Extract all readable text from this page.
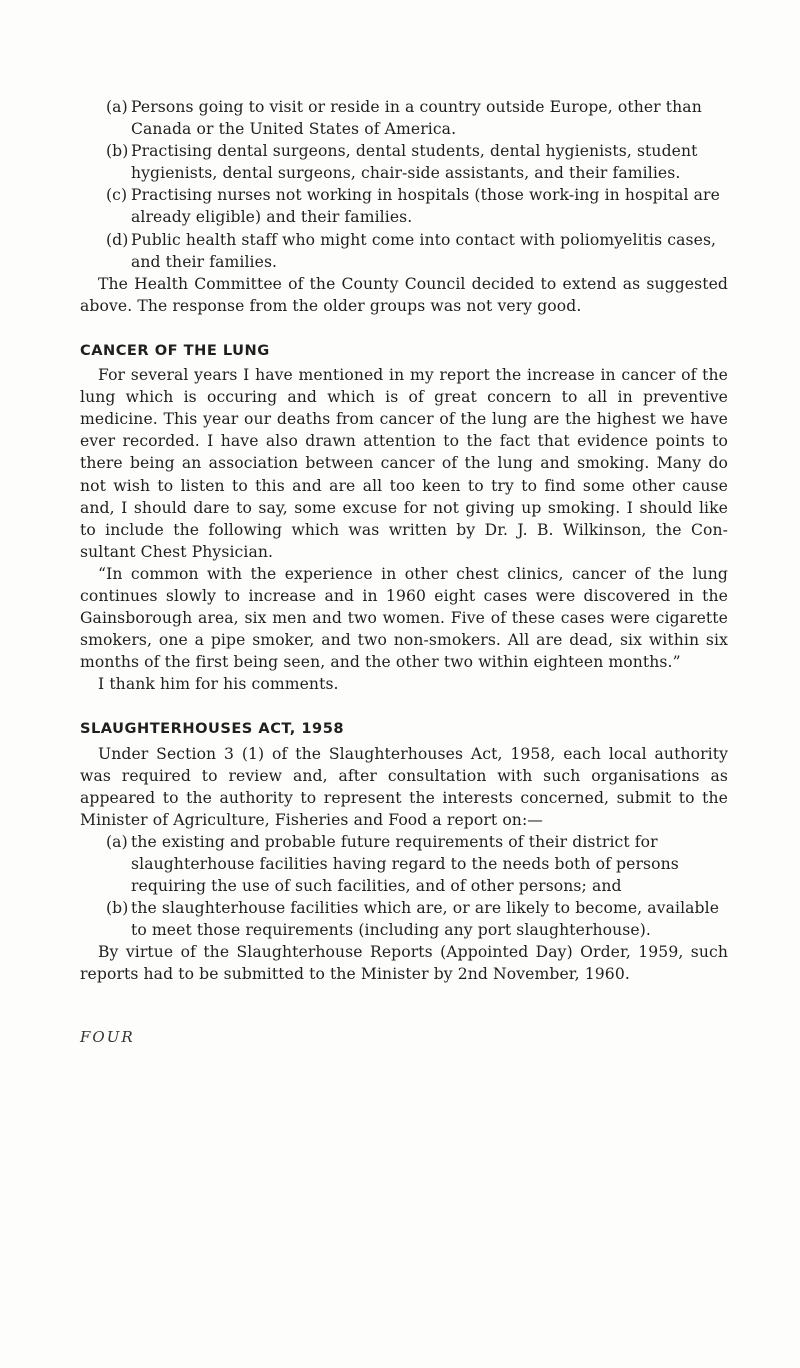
(a) Persons going to visit or reside in a country outside Europe, other than Canada or the United States of America.
(b) Practising dental surgeons, dental students, dental hygienists, student hygienists, dental surgeons, chair-side assistants, and their families.
(c) Practising nurses not working in hospitals (those work-ing in hospital are already eligible) and their families.
(d) Public health staff who might come into contact with poliomyelitis cases, and their families.

The Health Committee of the County Council decided to extend as suggested above. The response from the older groups was not very good.

CANCER OF THE LUNG

For several years I have mentioned in my report the increase in cancer of the lung which is occuring and which is of great concern to all in preventive medicine. This year our deaths from cancer of the lung are the highest we have ever recorded. I have also drawn attention to the fact that evidence points to there being an association between cancer of the lung and smoking. Many do not wish to listen to this and are all too keen to try to find some other cause and, I should dare to say, some excuse for not giving up smoking. I should like to include the following which was written by Dr. J. B. Wilkinson, the Con-sultant Chest Physician.

“In common with the experience in other chest clinics, cancer of the lung continues slowly to increase and in 1960 eight cases were discovered in the Gainsborough area, six men and two women. Five of these cases were cigarette smokers, one a pipe smoker, and two non-smokers. All are dead, six within six months of the first being seen, and the other two within eighteen months.”

I thank him for his comments.

SLAUGHTERHOUSES ACT, 1958

Under Section 3 (1) of the Slaughterhouses Act, 1958, each local authority was required to review and, after consultation with such organisations as appeared to the authority to represent the interests concerned, submit to the Minister of Agriculture, Fisheries and Food a report on:—

(a) the existing and probable future requirements of their district for slaughterhouse facilities having regard to the needs both of persons requiring the use of such facilities, and of other persons; and
(b) the slaughterhouse facilities which are, or are likely to become, available to meet those requirements (including any port slaughterhouse).

By virtue of the Slaughterhouse Reports (Appointed Day) Order, 1959, such reports had to be submitted to the Minister by 2nd November, 1960.

FOUR
